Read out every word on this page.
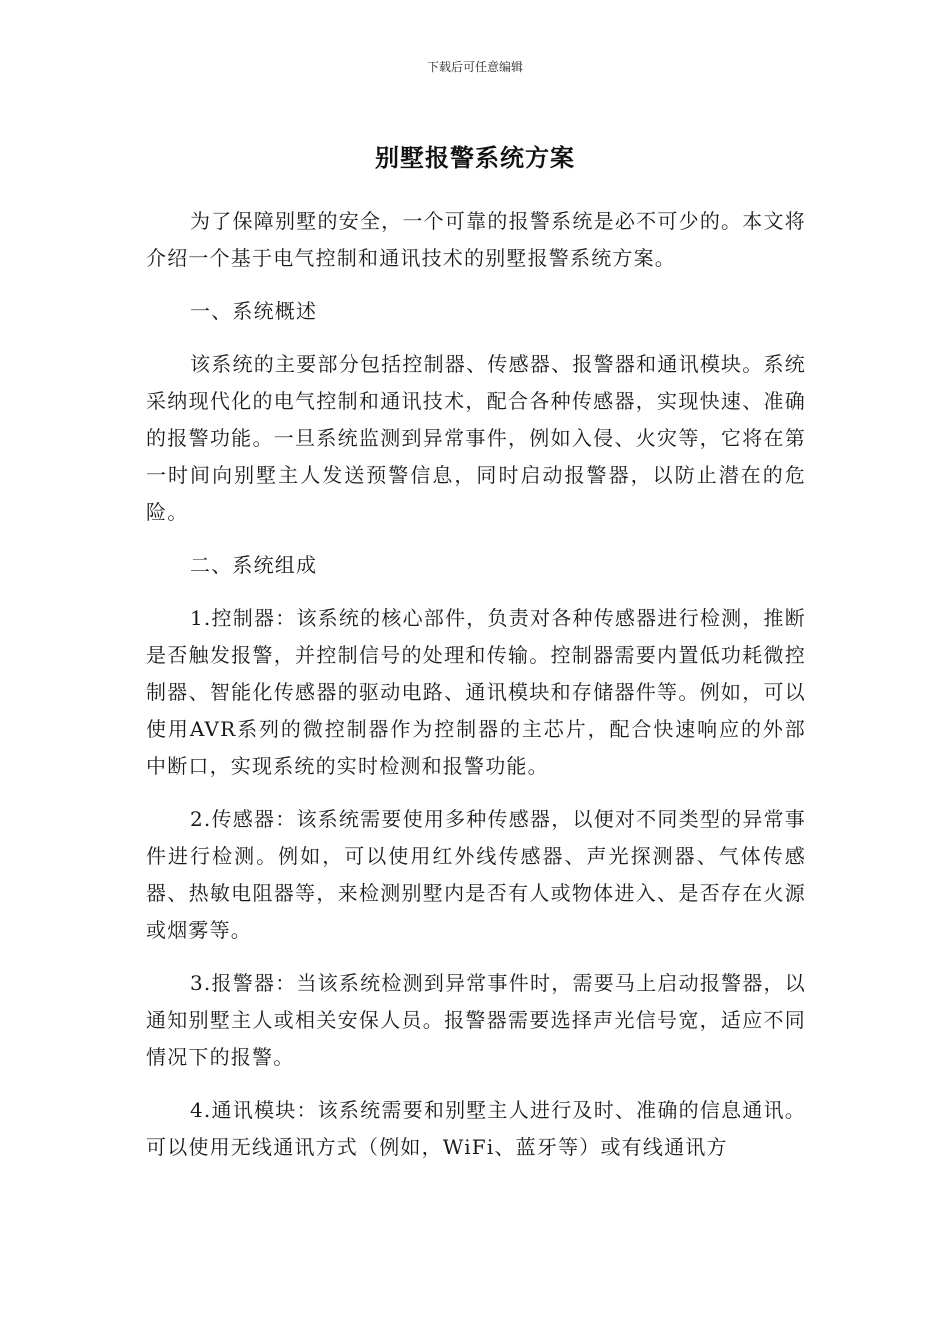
下载后可任意编辑
别墅报警系统方案

为了保障别墅的安全，一个可靠的报警系统是必不可少的。本文将介绍一个基于电气控制和通讯技术的别墅报警系统方案。

一、系统概述

该系统的主要部分包括控制器、传感器、报警器和通讯模块。系统采纳现代化的电气控制和通讯技术，配合各种传感器，实现快速、准确的报警功能。一旦系统监测到异常事件，例如入侵、火灾等，它将在第一时间向别墅主人发送预警信息，同时启动报警器，以防止潜在的危险。

二、系统组成

1.控制器：该系统的核心部件，负责对各种传感器进行检测，推断是否触发报警，并控制信号的处理和传输。控制器需要内置低功耗微控制器、智能化传感器的驱动电路、通讯模块和存储器件等。例如，可以使用AVR系列的微控制器作为控制器的主芯片，配合快速响应的外部中断口，实现系统的实时检测和报警功能。

2.传感器：该系统需要使用多种传感器，以便对不同类型的异常事件进行检测。例如，可以使用红外线传感器、声光探测器、气体传感器、热敏电阻器等，来检测别墅内是否有人或物体进入、是否存在火源或烟雾等。

3.报警器：当该系统检测到异常事件时，需要马上启动报警器，以通知别墅主人或相关安保人员。报警器需要选择声光信号宽，适应不同情况下的报警。

4.通讯模块：该系统需要和别墅主人进行及时、准确的信息通讯。可以使用无线通讯方式（例如，WiFi、蓝牙等）或有线通讯方
